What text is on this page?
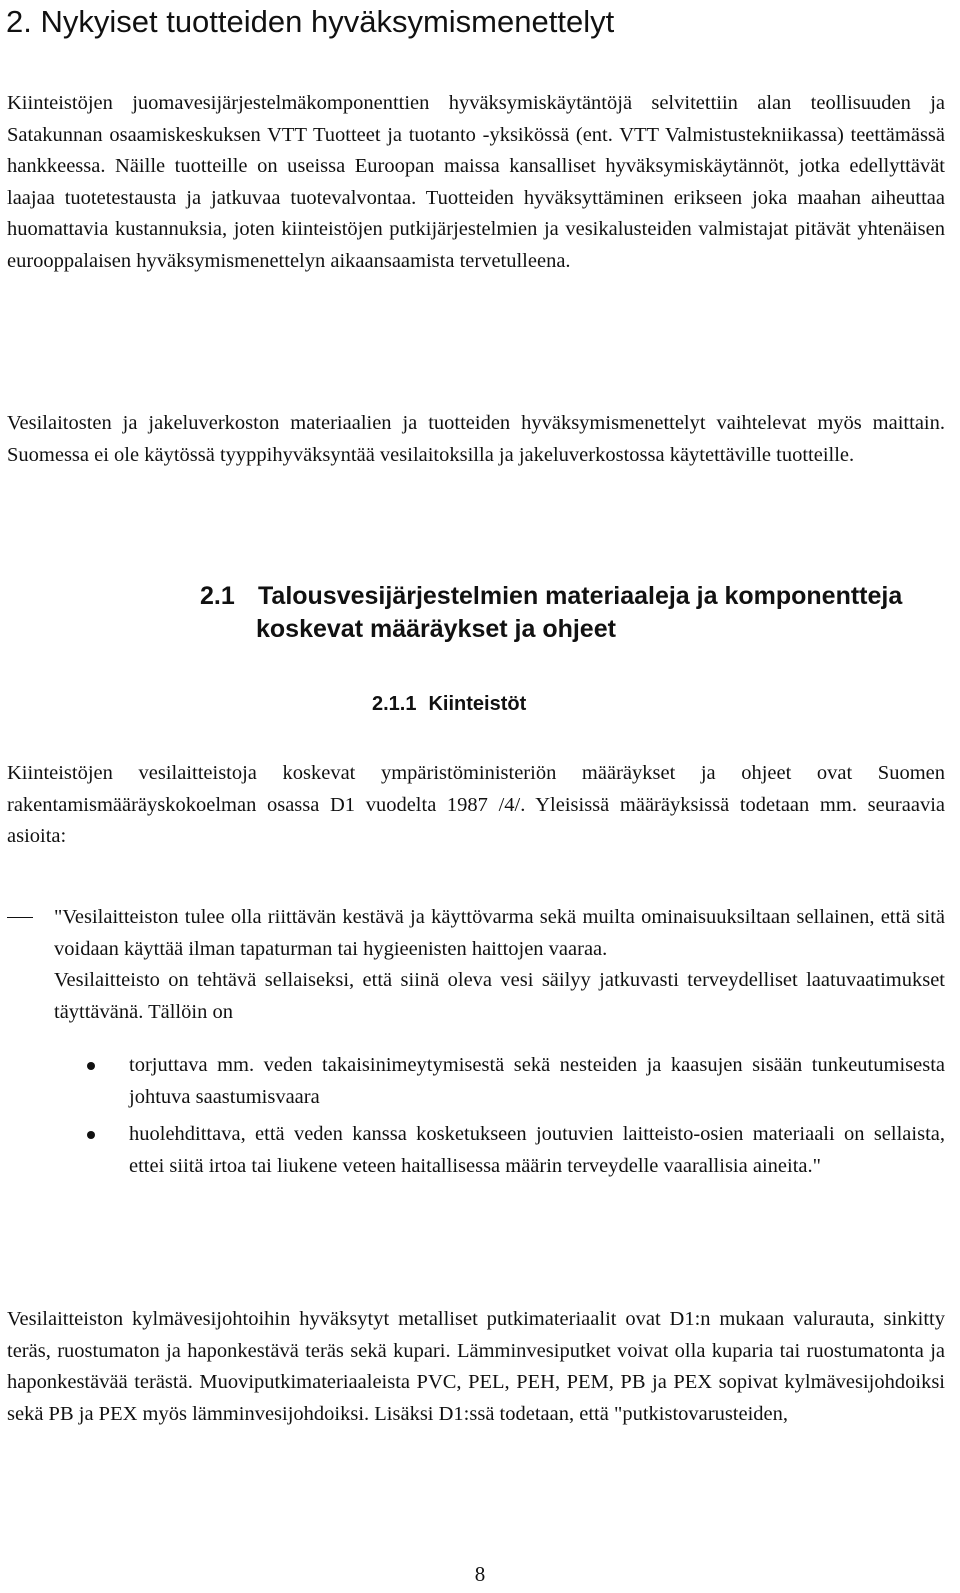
2. Nykyiset tuotteiden hyväksymismenettelyt

Kiinteistöjen juomavesijärjestelmäkomponenttien hyväksymiskäytäntöjä selvitettiin alan teollisuuden ja Satakunnan osaamiskeskuksen VTT Tuotteet ja tuotanto -yksikössä (ent. VTT Valmistustekniikassa) teettämässä hankkeessa. Näille tuotteille on useissa Euroopan maissa kansalliset hyväksymiskäytännöt, jotka edellyttävät laajaa tuotetestausta ja jatkuvaa tuotevalvontaa. Tuotteiden hyväksyttäminen erikseen joka maahan aiheuttaa huomattavia kustannuksia, joten kiinteistöjen putkijärjestelmien ja vesikalusteiden valmistajat pitävät yhtenäisen eurooppalaisen hyväksymismenettelyn aikaansaamista tervetulleena.

Vesilaitosten ja jakeluverkoston materiaalien ja tuotteiden hyväksymismenettelyt vaihtelevat myös maittain. Suomessa ei ole käytössä tyyppihyväksyntää vesilaitoksilla ja jakeluverkostossa käytettäville tuotteille.

2.1 Talousvesijärjestelmien materiaaleja ja komponentteja
koskevat määräykset ja ohjeet
2.1.1 Kiinteistöt

Kiinteistöjen vesilaitteistoja koskevat ympäristöministeriön määräykset ja ohjeet ovat Suomen rakentamismääräyskokoelman osassa D1 vuodelta 1987 /4/. Yleisissä määräyksissä todetaan mm. seuraavia asioita:

"Vesilaitteiston tulee olla riittävän kestävä ja käyttövarma sekä muilta ominaisuuksiltaan sellainen, että sitä voidaan käyttää ilman tapaturman tai hygieenisten haittojen vaaraa.
Vesilaitteisto on tehtävä sellaiseksi, että siinä oleva vesi säilyy jatkuvasti terveydelliset laatuvaatimukset täyttävänä. Tällöin on
torjuttava mm. veden takaisinimeytymisestä sekä nesteiden ja kaasujen sisään tunkeutumisesta johtuva saastumisvaara
huolehdittava, että veden kanssa kosketukseen joutuvien laitteisto-osien materiaali on sellaista, ettei siitä irtoa tai liukene veteen haitallisessa määrin terveydelle vaarallisia aineita."

Vesilaitteiston kylmävesijohtoihin hyväksytyt metalliset putkimateriaalit ovat D1:n mukaan valurauta, sinkitty teräs, ruostumaton ja haponkestävä teräs sekä kupari. Lämminvesiputket voivat olla kuparia tai ruostumatonta ja haponkestävää terästä. Muoviputkimateriaaleista PVC, PEL, PEH, PEM, PB ja PEX sopivat kylmävesijohdoiksi sekä PB ja PEX myös lämminvesijohdoiksi. Lisäksi D1:ssä todetaan, että "putkistovarusteiden,

8
